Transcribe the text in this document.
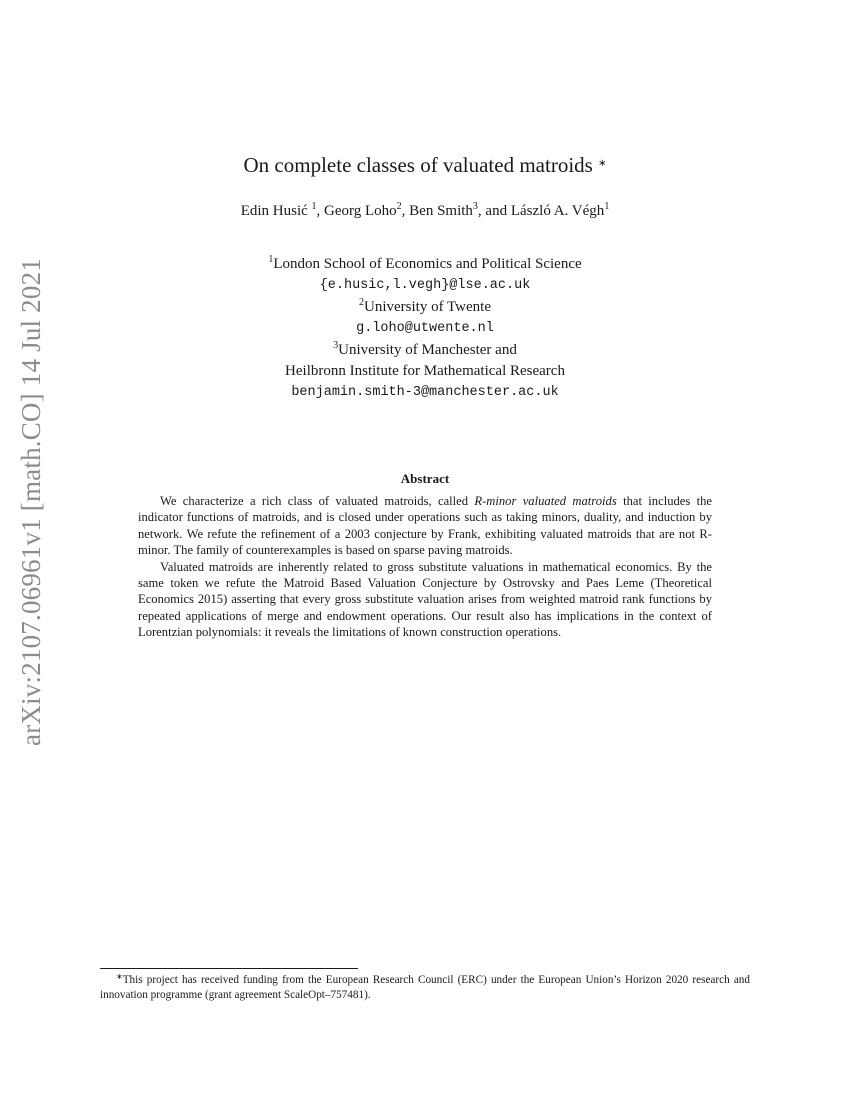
arXiv:2107.06961v1 [math.CO] 14 Jul 2021
On complete classes of valuated matroids ∗
Edin Husić $^1$, Georg Loho$^2$, Ben Smith$^3$, and László A. Végh$^1$
$^1$London School of Economics and Political Science
{e.husic,l.vegh}@lse.ac.uk
$^2$University of Twente
g.loho@utwente.nl
$^3$University of Manchester and
Heilbronn Institute for Mathematical Research
benjamin.smith-3@manchester.ac.uk
Abstract

We characterize a rich class of valuated matroids, called R-minor valuated matroids that includes the indicator functions of matroids, and is closed under operations such as taking minors, duality, and induction by network. We refute the refinement of a 2003 conjecture by Frank, exhibiting valuated matroids that are not R-minor. The family of counterexamples is based on sparse paving matroids.

Valuated matroids are inherently related to gross substitute valuations in mathematical economics. By the same token we refute the Matroid Based Valuation Conjecture by Ostrovsky and Paes Leme (Theoretical Economics 2015) asserting that every gross substitute valuation arises from weighted matroid rank functions by repeated applications of merge and endowment operations. Our result also has implications in the context of Lorentzian polynomials: it reveals the limitations of known construction operations.

∗This project has received funding from the European Research Council (ERC) under the European Union’s Horizon 2020 research and innovation programme (grant agreement ScaleOpt–757481).
